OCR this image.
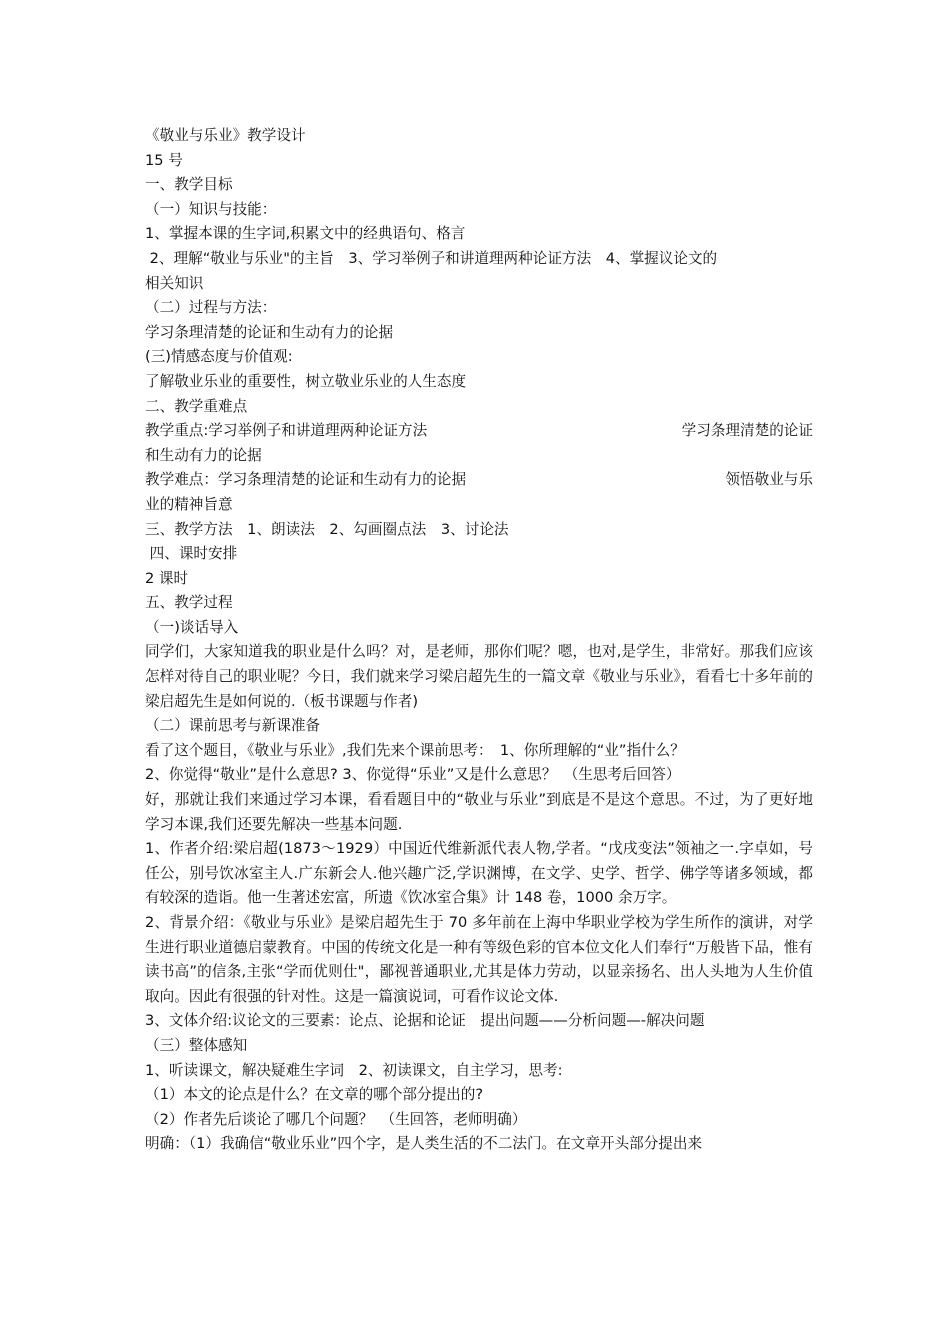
《敬业与乐业》教学设计

15 号

一、教学目标

（一）知识与技能：

1、掌握本课的生字词,积累文中的经典语句、格言

2、理解“敬业与乐业"的主旨　3、学习举例子和讲道理两种论证方法　4、掌握议论文的

相关知识

（二）过程与方法：

学习条理清楚的论证和生动有力的论据

(三)情感态度与价值观:

了解敬业乐业的重要性，树立敬业乐业的人生态度

二、教学重难点

教学重点:学习举例子和讲道理两种论证方法	学习条理清楚的论证

和生动有力的论据

教学难点：学习条理清楚的论证和生动有力的论据	领悟敬业与乐

业的精神旨意

三、教学方法　1、朗读法　2、勾画圈点法　3、讨论法

四、课时安排

2 课时

五、教学过程

（一)谈话导入

同学们，大家知道我的职业是什么吗？对，是老师，那你们呢？嗯，也对,是学生，非常好。那我们应该怎样对待自己的职业呢？今日，我们就来学习梁启超先生的一篇文章《敬业与乐业》，看看七十多年前的梁启超先生是如何说的.（板书课题与作者)

（二）课前思考与新课准备

看了这个题目，《敬业与乐业》,我们先来个课前思考：　1、你所理解的“业”指什么？

2、你觉得“敬业”是什么意思? 3、你觉得“乐业”又是什么意思？　（生思考后回答）

好，那就让我们来通过学习本课，看看题目中的“敬业与乐业”到底是不是这个意思。不过，为了更好地学习本课,我们还要先解决一些基本问题.

1、作者介绍:梁启超(1873～1929）中国近代维新派代表人物,学者。“戊戌变法”领袖之一.字卓如，号任公，别号饮冰室主人.广东新会人.他兴趣广泛,学识渊博，在文学、史学、哲学、佛学等诸多领域，都有较深的造诣。他一生著述宏富，所遗《饮冰室合集》计 148 卷，1000 余万字。

2、背景介绍：《敬业与乐业》是梁启超先生于 70 多年前在上海中华职业学校为学生所作的演讲，对学生进行职业道德启蒙教育。中国的传统文化是一种有等级色彩的官本位文化人们奉行“万般皆下品，惟有读书高”的信条,主张“学而优则仕"，鄙视普通职业,尤其是体力劳动，以显亲扬名、出人头地为人生价值取向。因此有很强的针对性。这是一篇演说词，可看作议论文体.

3、文体介绍:议论文的三要素：论点、论据和论证　提出问题——分析问题—-解决问题

（三）整体感知

1、听读课文，解决疑难生字词　2、初读课文，自主学习，思考:

（1）本文的论点是什么？在文章的哪个部分提出的?

（2）作者先后谈论了哪几个问题？　（生回答，老师明确）

明确：（1）我确信“敬业乐业”四个字，是人类生活的不二法门。在文章开头部分提出来
